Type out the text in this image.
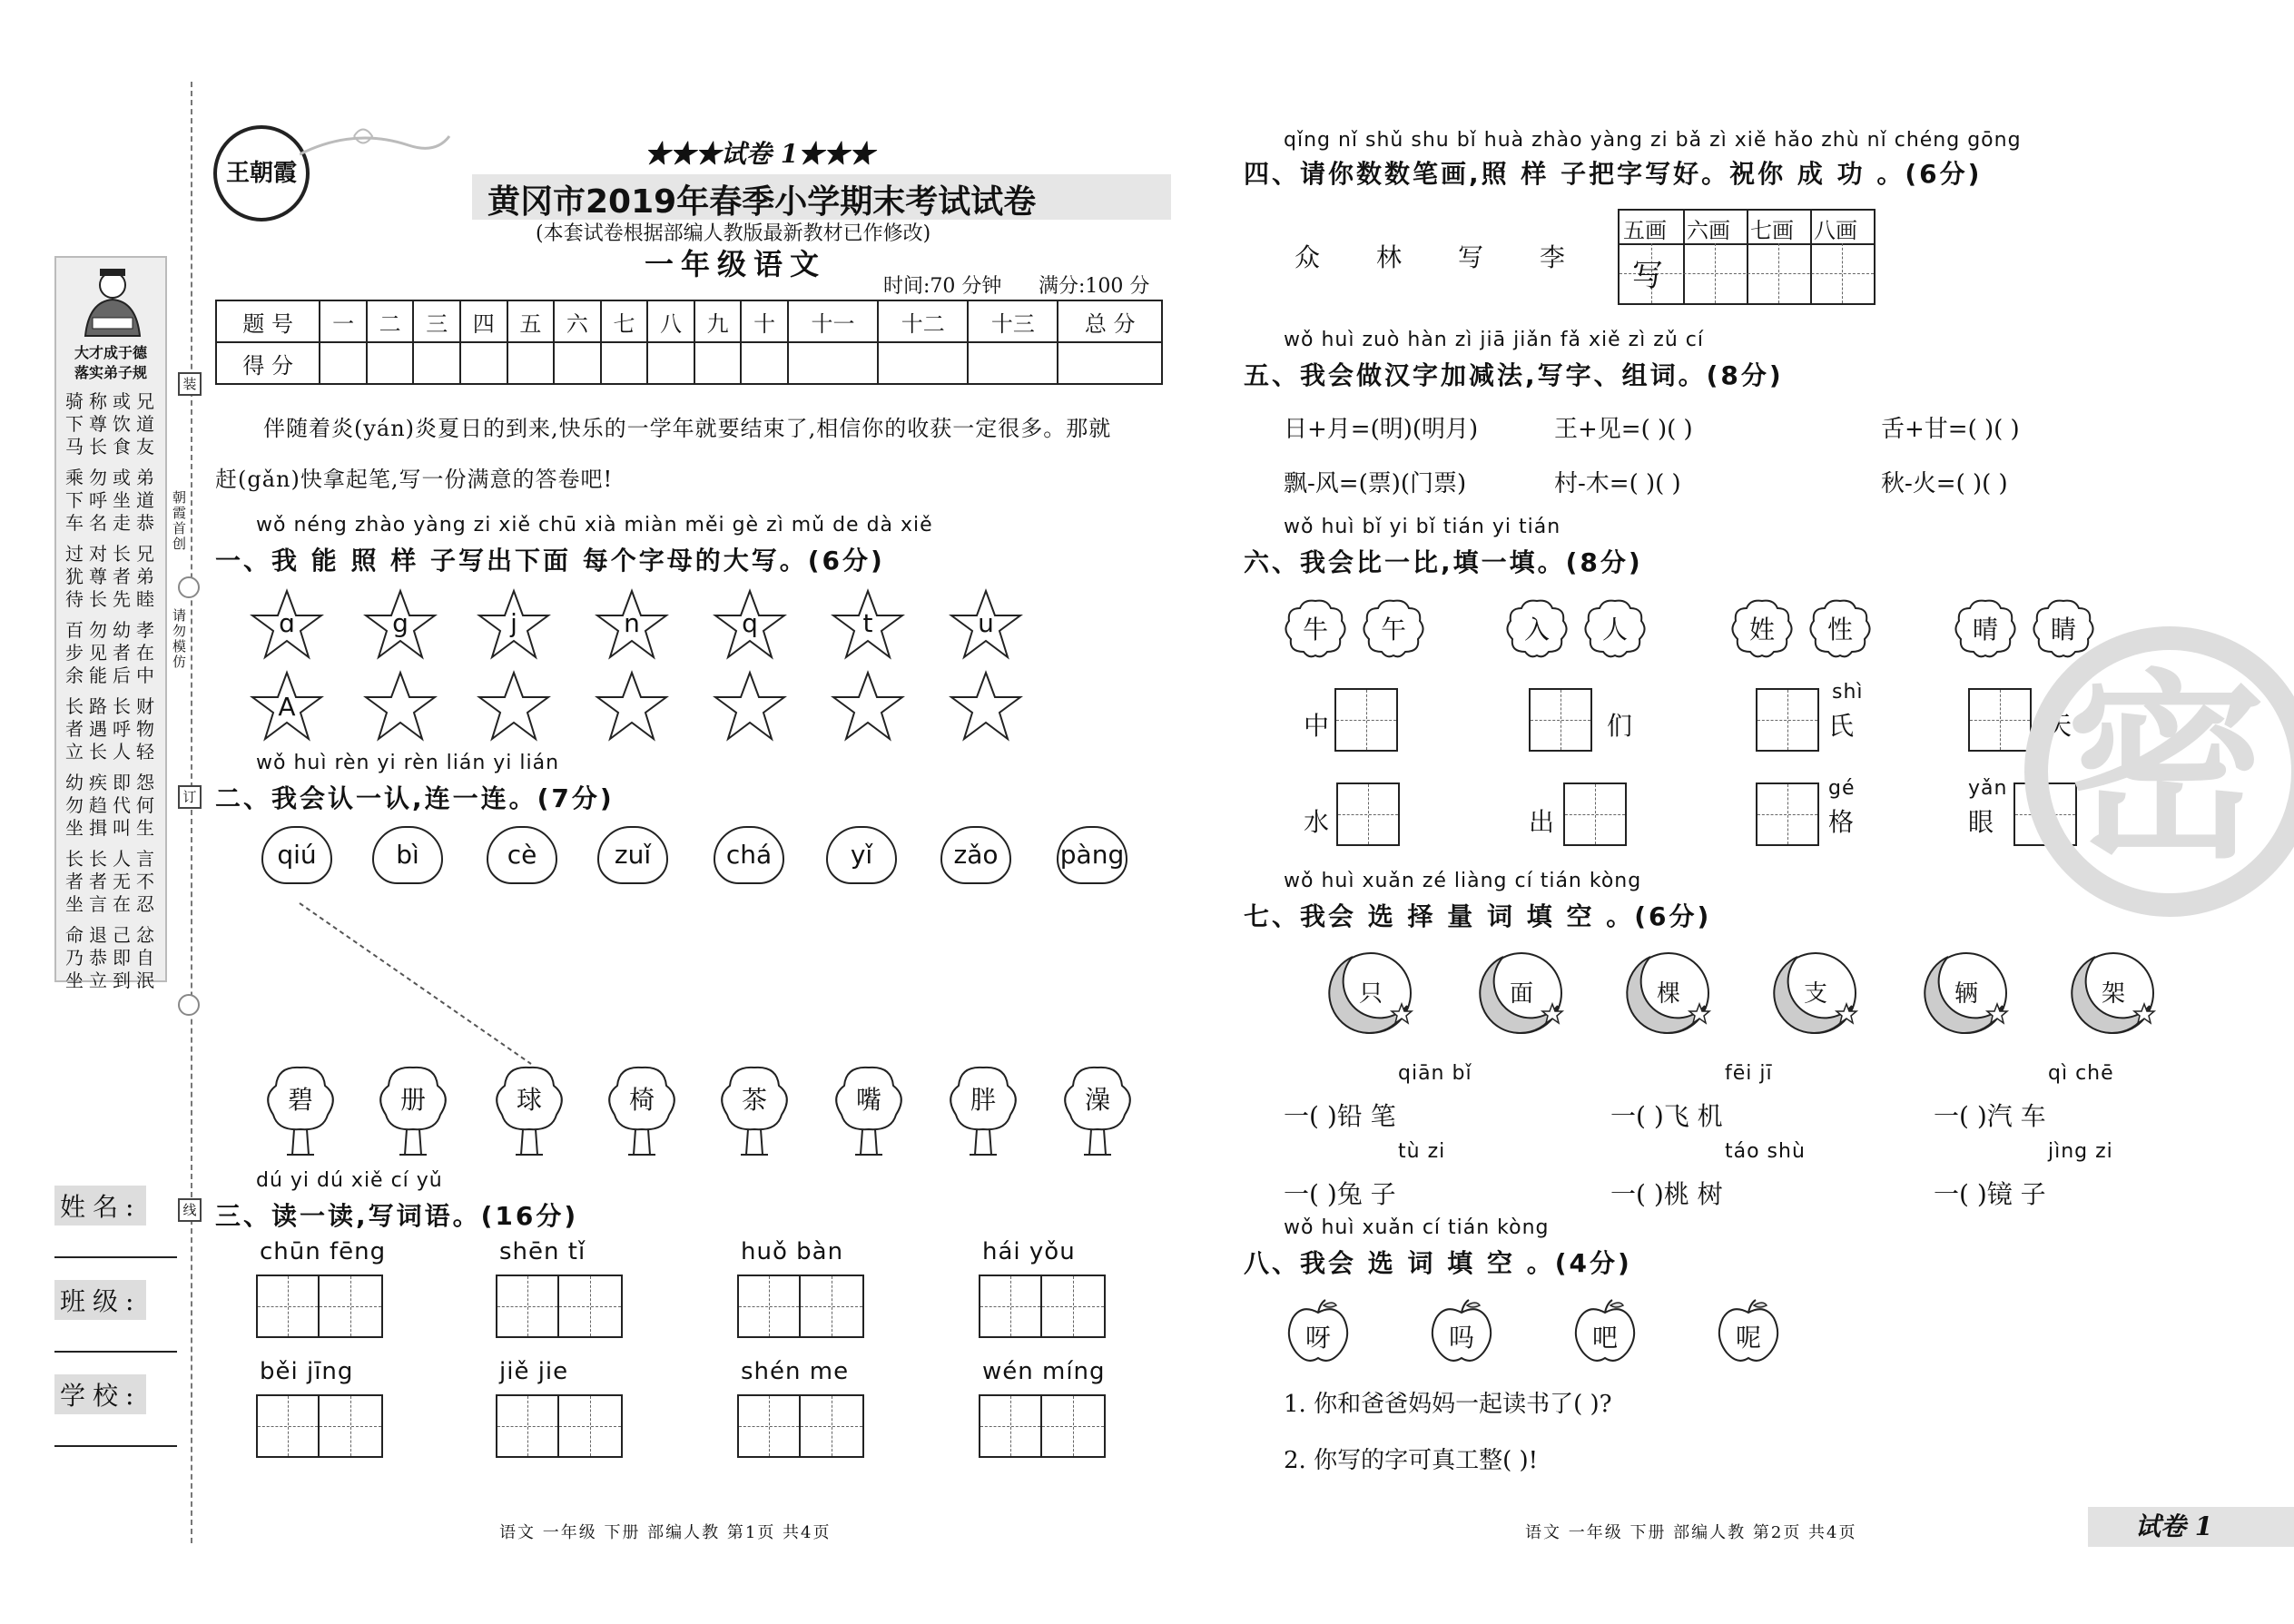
装
订
线
朝霞首创
请勿模仿
大才成于德
落实弟子规
骑称或兄
下尊饮道
马长食友
乘勿或弟
下呼坐道
车名走恭
过对长兄
犹尊者弟
待长先睦
百勿幼孝
步见者在
余能后中
长路长财
者遇呼物
立长人轻
幼疾即怨
勿趋代何
坐揖叫生
长长人言
者者无不
坐言在忍
命退己忿
乃恭即自
坐立到泯
姓名:
班级:
学校:
王朝霞
★★★试卷 1★★★
黄冈市2019年春季小学期末考试试卷
(本套试卷根据部编人教版最新教材已作修改)
一年级语文
时间:70 分钟 满分:100 分
题 号	一	二	三	四	五	六	七	八	九	十	十一	十二	十三	总 分
得 分														
伴随着炎(yán)炎夏日的到来,快乐的一学年就要结束了,相信你的收获一定很多。那就
赶(gǎn)快拿起笔,写一份满意的答卷吧!
wǒ néng zhào yàng zi xiě chū xià miàn měi gè zì mǔ de dà xiě
一、我 能 照 样 子写出下面 每个字母的大写。(6分)
ɑ
A
g	j	n	q	t	u
wǒ huì rèn yi rèn lián yi lián
二、我会认一认,连一连。(7分)
qiú	bì	cè	zuǐ	chá	yǐ	zǎo	pàng
碧	册	球	椅	茶	嘴	胖	澡
dú yi dú xiě cí yǔ
三、读一读,写词语。(16分)
chūn fēng	shēn tǐ	huǒ bàn	hái yǒu
běi jīng	jiě jie	shén me	wén míng
qǐng nǐ shǔ shu bǐ huà zhào yàng zi bǎ zì xiě hǎo zhù nǐ chéng gōng
四、请你数数笔画,照 样 子把字写好。祝你 成 功 。(6分)
众 林 写 李
五画 六画 七画 八画
写
wǒ huì zuò hàn zì jiā jiǎn fǎ xiě zì zǔ cí
五、我会做汉字加减法,写字、组词。(8分)
日+月=(明)(明月)	王+见=( )( )	舌+甘=( )( )
飘-风=(票)(门票)	村-木=( )( )	秋-火=( )( )
wǒ huì bǐ yi bǐ tián yi tián
六、我会比一比,填一填。(8分)
牛	午	入	人	姓	性	晴	睛
中	们	氏
shì
天
水	出	格
gé
眼
yǎn
wǒ huì xuǎn zé liàng cí tián kòng
七、我会 选 择 量 词 填 空 。(6分)
只	面	棵	支	辆	架
qiān bǐ
一( )铅 笔
fēi jī
一( )飞 机
qì chē
一( )汽 车
tù zi
一( )兔 子
táo shù
一( )桃 树
jìng zi
一( )镜 子
wǒ huì xuǎn cí tián kòng
八、我会 选 词 填 空 。(4分)
呀	吗	吧	呢
1. 你和爸爸妈妈一起读书了( )?
2. 你写的字可真工整( )!
密
语文 一年级 下册 部编人教 第1页 共4页	语文 一年级 下册 部编人教 第2页 共4页	试卷 1
